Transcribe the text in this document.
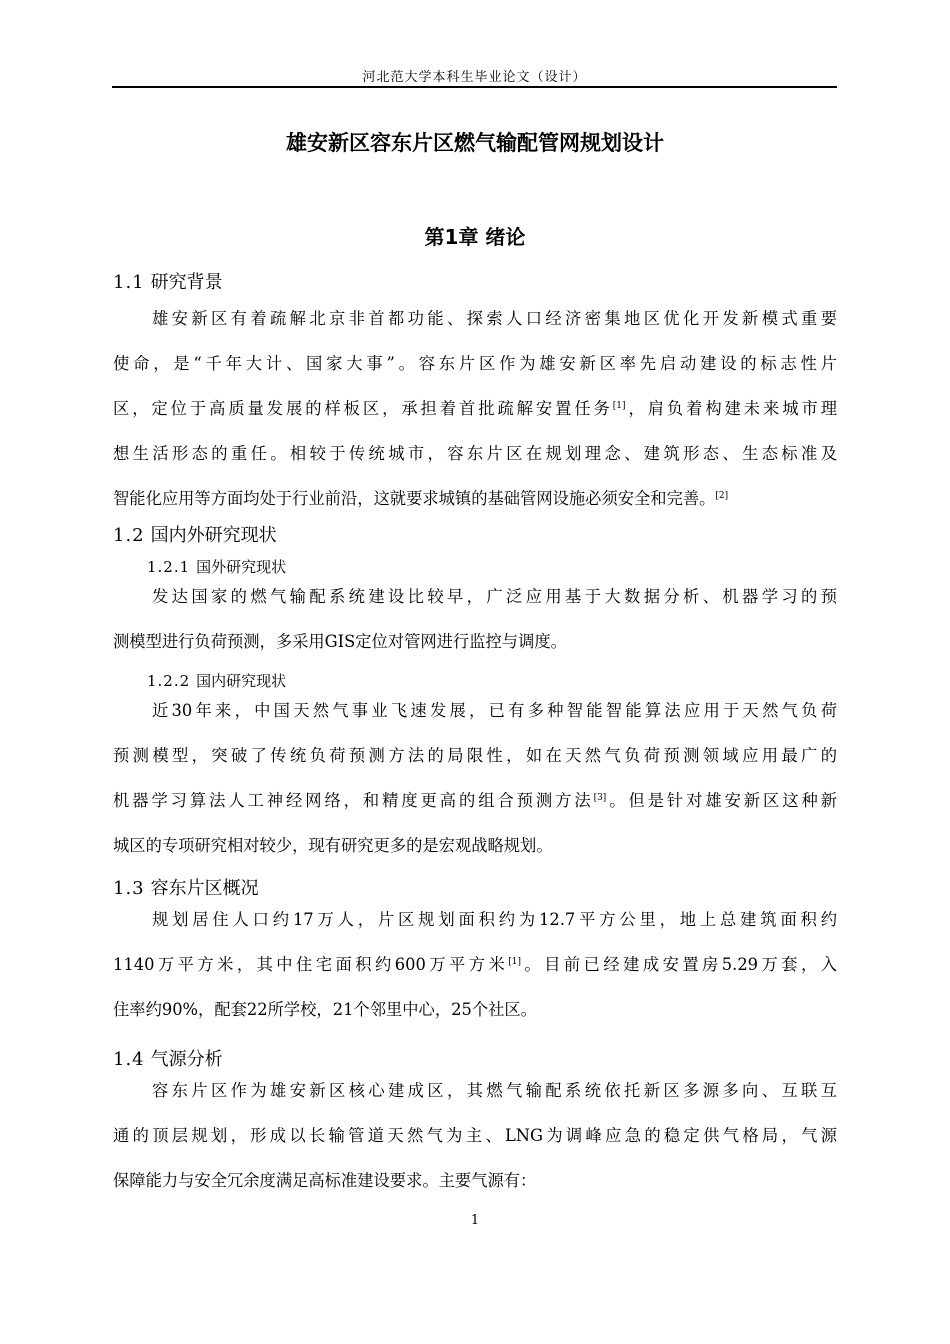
河北范大学本科生毕业论文（设计）
雄安新区容东片区燃气输配管网规划设计
第1章 绪论
1.1 研究背景
雄安新区有着疏解北京非首都功能、探索人口经济密集地区优化开发新模式重要
使命，是“千年大计、国家大事”。容东片区作为雄安新区率先启动建设的标志性片
区，定位于高质量发展的样板区，承担着首批疏解安置任务[1]，肩负着构建未来城市理
想生活形态的重任。相较于传统城市，容东片区在规划理念、建筑形态、生态标准及
智能化应用等方面均处于行业前沿，这就要求城镇的基础管网设施必须安全和完善。[2]
1.2 国内外研究现状
1.2.1 国外研究现状
发达国家的燃气输配系统建设比较早，广泛应用基于大数据分析、机器学习的预
测模型进行负荷预测，多采用GIS定位对管网进行监控与调度。
1.2.2 国内研究现状
近30年来，中国天然气事业飞速发展，已有多种智能智能算法应用于天然气负荷
预测模型，突破了传统负荷预测方法的局限性，如在天然气负荷预测领域应用最广的
机器学习算法人工神经网络，和精度更高的组合预测方法[3]。但是针对雄安新区这种新
城区的专项研究相对较少，现有研究更多的是宏观战略规划。
1.3 容东片区概况
规划居住人口约17万人，片区规划面积约为12.7平方公里，地上总建筑面积约
1140万平方米，其中住宅面积约600万平方米[1]。目前已经建成安置房5.29万套，入
住率约90%，配套22所学校，21个邻里中心，25个社区。
1.4 气源分析
容东片区作为雄安新区核心建成区，其燃气输配系统依托新区多源多向、互联互
通的顶层规划，形成以长输管道天然气为主、LNG为调峰应急的稳定供气格局，气源
保障能力与安全冗余度满足高标准建设要求。主要气源有：
1
